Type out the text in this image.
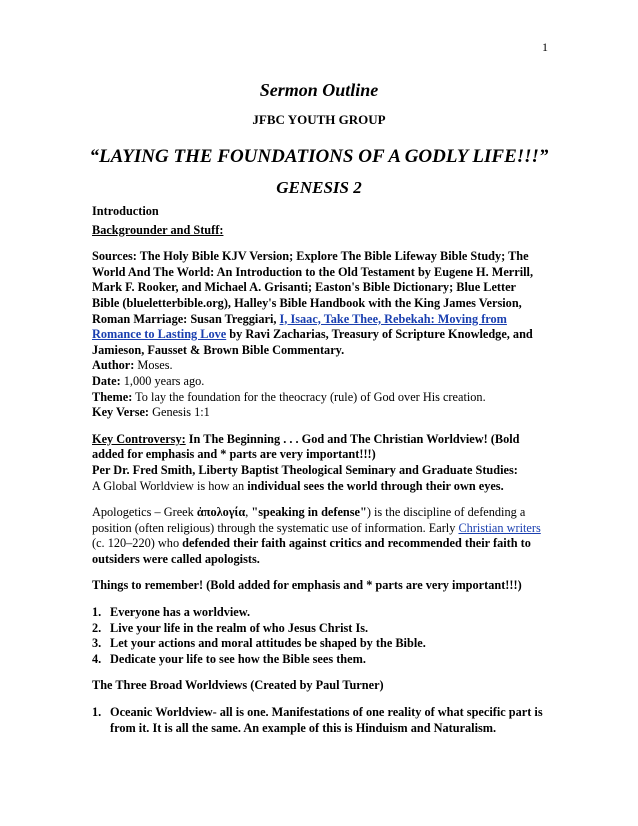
1
Sermon Outline
JFBC YOUTH GROUP
“LAYING THE FOUNDATIONS OF A GODLY LIFE!!!”
GENESIS 2

Introduction

Backgrounder and Stuff:

Sources: The Holy Bible KJV Version; Explore The Bible Lifeway Bible Study; The World And The World: An Introduction to the Old Testament by Eugene H. Merrill, Mark F. Rooker, and Michael A. Grisanti; Easton's Bible Dictionary; Blue Letter Bible (blueletterbible.org), Halley's Bible Handbook with the King James Version, Roman Marriage: Susan Treggiari, I, Isaac, Take Thee, Rebekah: Moving from Romance to Lasting Love by Ravi Zacharias, Treasury of Scripture Knowledge, and Jamieson, Fausset & Brown Bible Commentary.

Author: Moses.

Date: 1,000 years ago.

Theme: To lay the foundation for the theocracy (rule) of God over His creation.

Key Verse: Genesis 1:1

Key Controversy: In The Beginning . . . God and The Christian Worldview! (Bold added for emphasis and * parts are very important!!!)

Per Dr. Fred Smith, Liberty Baptist Theological Seminary and Graduate Studies:

A Global Worldview is how an individual sees the world through their own eyes.

Apologetics – Greek ἀπολογία, "speaking in defense") is the discipline of defending a position (often religious) through the systematic use of information. Early Christian writers (c. 120–220) who defended their faith against critics and recommended their faith to outsiders were called apologists.

Things to remember! (Bold added for emphasis and * parts are very important!!!)

1. Everyone has a worldview.
2. Live your life in the realm of who Jesus Christ Is.
3. Let your actions and moral attitudes be shaped by the Bible.
4. Dedicate your life to see how the Bible sees them.

The Three Broad Worldviews (Created by Paul Turner)

1. Oceanic Worldview- all is one. Manifestations of one reality of what specific part is from it. It is all the same. An example of this is Hinduism and Naturalism.
